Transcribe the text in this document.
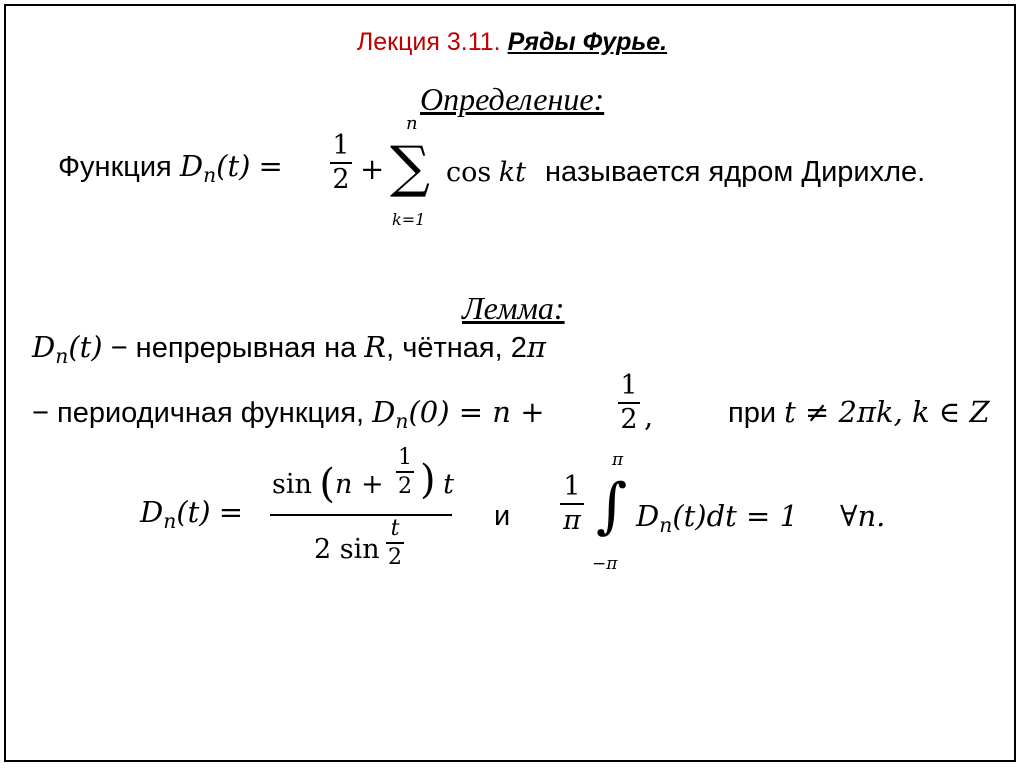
Лекция 3.11. Ряды Фурье.
Определение:
Функция $D_n(t)$ =
1
2 +
n
∑
k=1
cos kt называется ядром Дирихле.
Лемма:
$D_n(t)$ − непрерывная на R, чётная, 2π
− периодичная функция, $D_n(0) = n$ +
1
2 ,	при t ≠ 2πk, k ∈ Z
$D_n(t)$ =
sin (n +
1
2 ) t
2 sin
t
2
и
1
π
π
∫
−π
$D_n(t)dt = 1$ ∀n.
